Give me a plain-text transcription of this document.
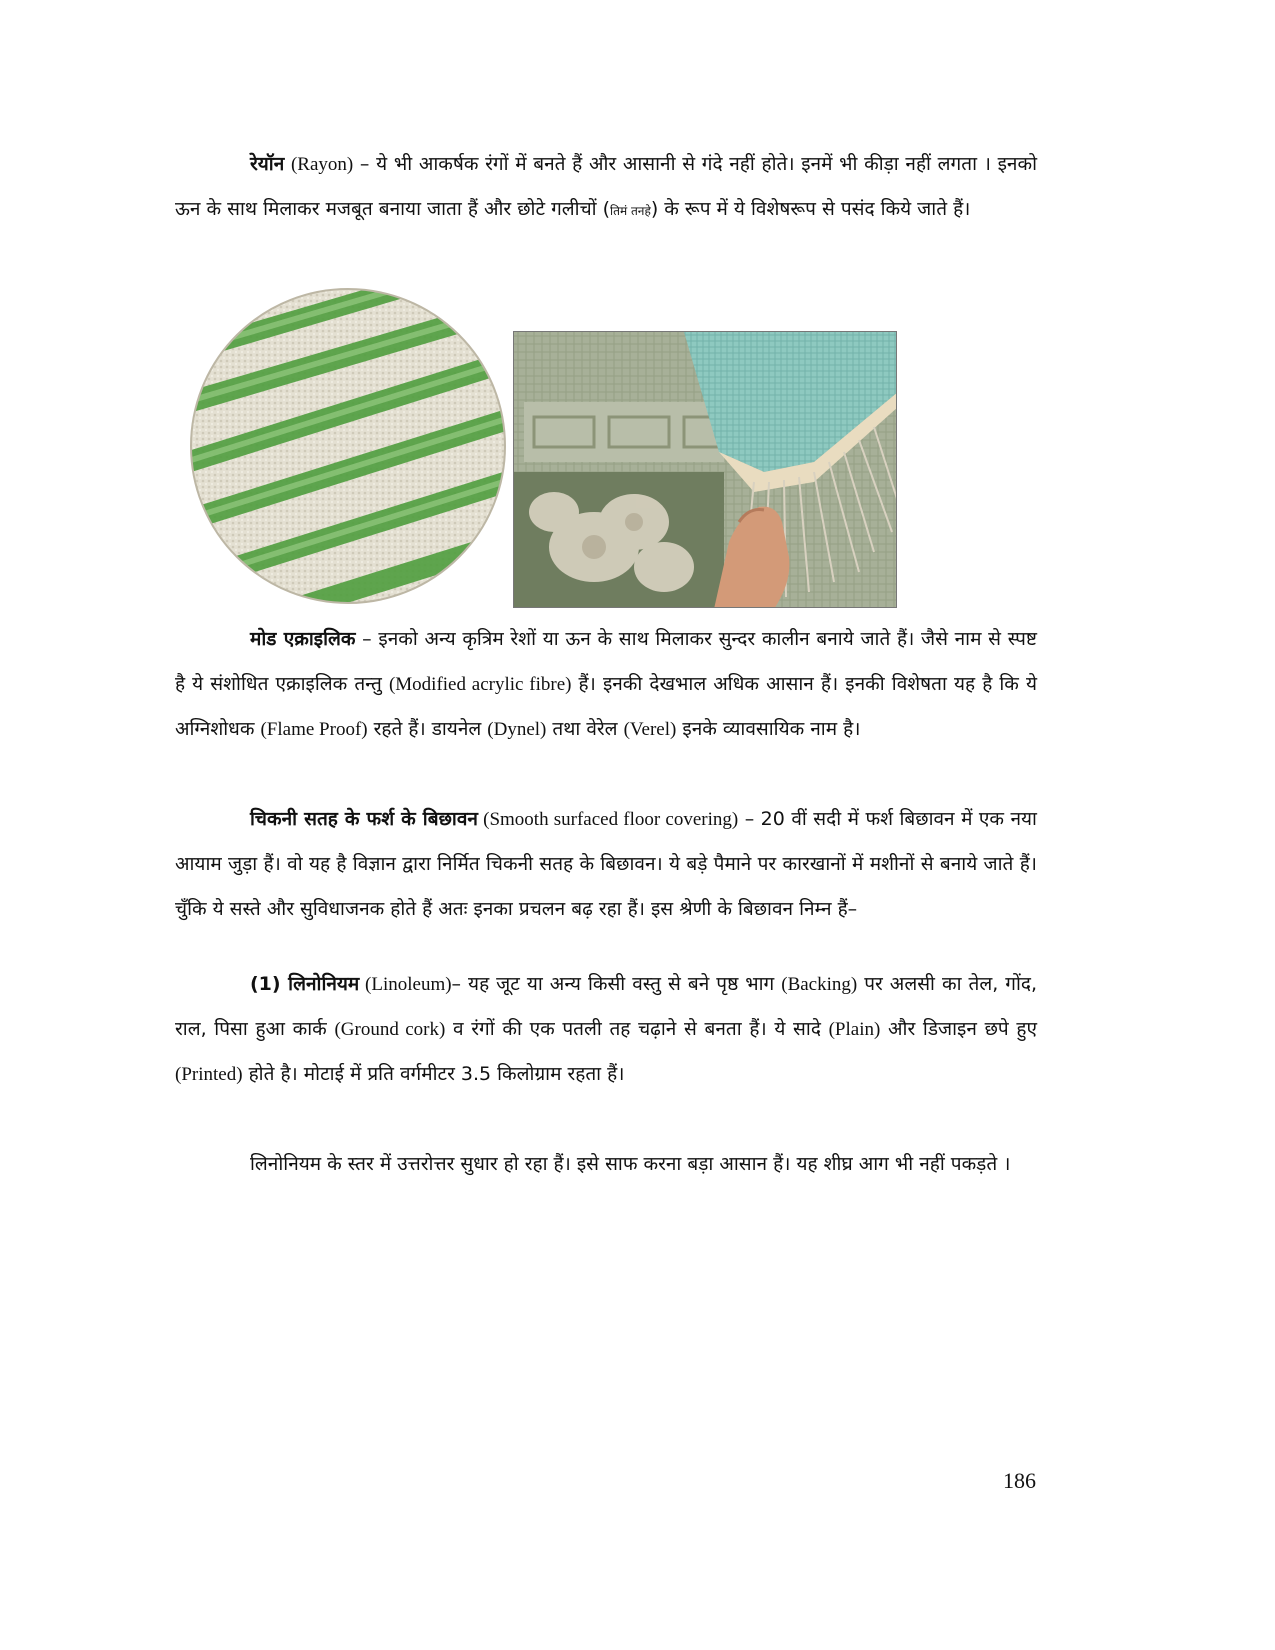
रेयॉन (Rayon) – ये भी आकर्षक रंगों में बनते हैं और आसानी से गंदे नहीं होते। इनमें भी कीड़ा नहीं लगता । इनको ऊन के साथ मिलाकर मजबूत बनाया जाता हैं और छोटे गलीचों (तिमं तनहे) के रूप में ये विशेषरूप से पसंद किये जाते हैं।

मोड एक्राइलिक – इनको अन्य कृत्रिम रेशों या ऊन के साथ मिलाकर सुन्दर कालीन बनाये जाते हैं। जैसे नाम से स्पष्ट है ये संशोधित एक्राइलिक तन्तु (Modified acrylic fibre) हैं। इनकी देखभाल अधिक आसान हैं। इनकी विशेषता यह है कि ये अग्निशोधक (Flame Proof) रहते हैं। डायनेल (Dynel) तथा वेरेल (Verel) इनके व्यावसायिक नाम है।

चिकनी सतह के फर्श के बिछावन (Smooth surfaced floor covering) – 20 वीं सदी में फर्श बिछावन में एक नया आयाम जुड़ा हैं। वो यह है विज्ञान द्वारा निर्मित चिकनी सतह के बिछावन। ये बड़े पैमाने पर कारखानों में मशीनों से बनाये जाते हैं। चुँकि ये सस्ते और सुविधाजनक होते हैं अतः इनका प्रचलन बढ़ रहा हैं। इस श्रेणी के बिछावन निम्न हैं–

(1) लिनोनियम (Linoleum)– यह जूट या अन्य किसी वस्तु से बने पृष्ठ भाग (Backing) पर अलसी का तेल, गोंद, राल, पिसा हुआ कार्क (Ground cork) व रंगों की एक पतली तह चढ़ाने से बनता हैं। ये सादे (Plain) और डिजाइन छपे हुए (Printed) होते है। मोटाई में प्रति वर्गमीटर 3.5 किलोग्राम रहता हैं।

लिनोनियम के स्तर में उत्तरोत्तर सुधार हो रहा हैं। इसे साफ करना बड़ा आसान हैं। यह शीघ्र आग भी नहीं पकड़ते ।

186
